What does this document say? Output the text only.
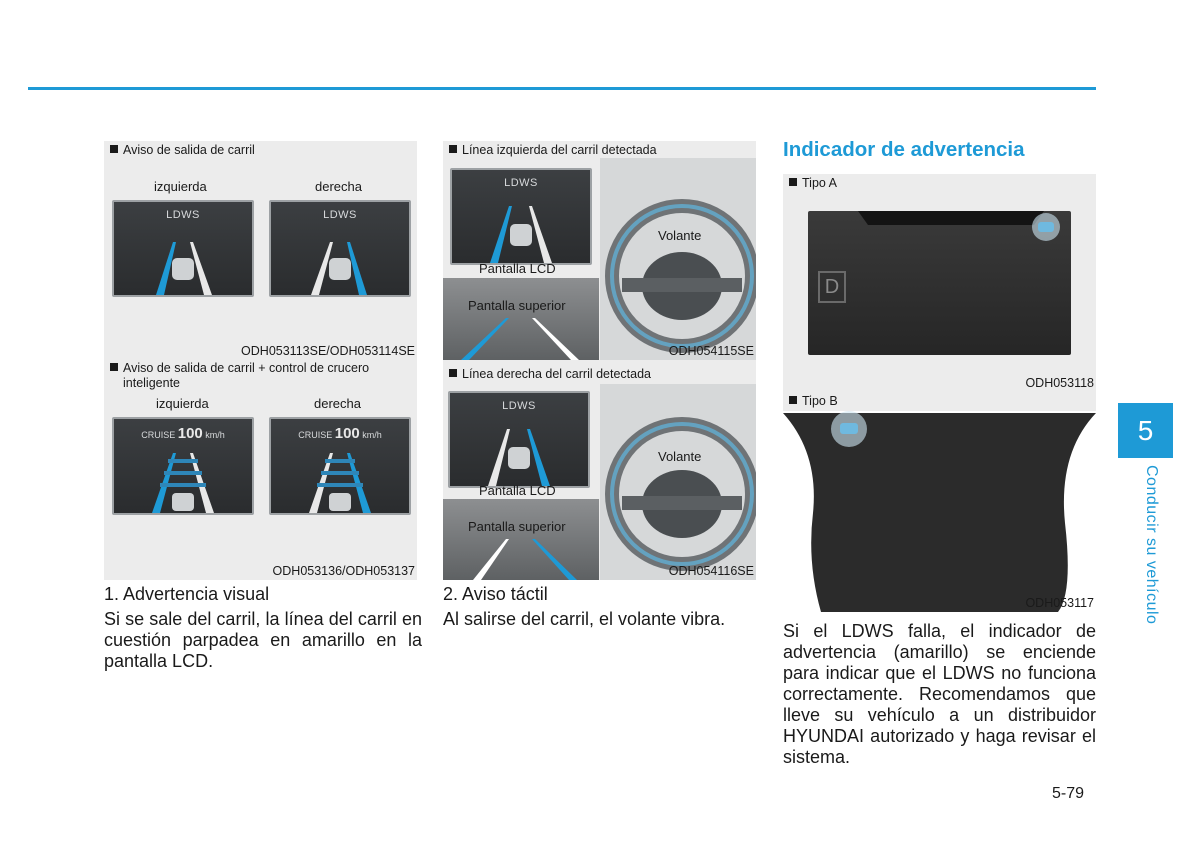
Aviso de salida de carril
izquierda	derecha
LDWS	LDWS
ODH053113SE/ODH053114SE
Aviso de salida de carril + control de crucero
inteligente
izquierda	derecha
CRUISE 100 km/h	CRUISE 100 km/h
ODH053136/ODH053137
1. Advertencia visual
Si se sale del carril, la línea del carril en cuestión parpadea en amarillo en la pantalla LCD.
Línea izquierda del carril detectada
LDWS
Pantalla LCD
Pantalla superior
Volante
ODH054115SE
Línea derecha del carril detectada
LDWS
Pantalla LCD
Pantalla superior
Volante
ODH054116SE
2. Aviso táctil
Al salirse del carril, el volante vibra.
Indicador de advertencia
Tipo A
D
ODH053118
Tipo B
ODH053117
Si el LDWS falla, el indicador de advertencia (amarillo) se enciende para indicar que el LDWS no funciona correctamente. Recomendamos que lleve su vehículo a un distribuidor HYUNDAI autorizado y haga revisar el sistema.
5
Conducir su vehículo
5-79
